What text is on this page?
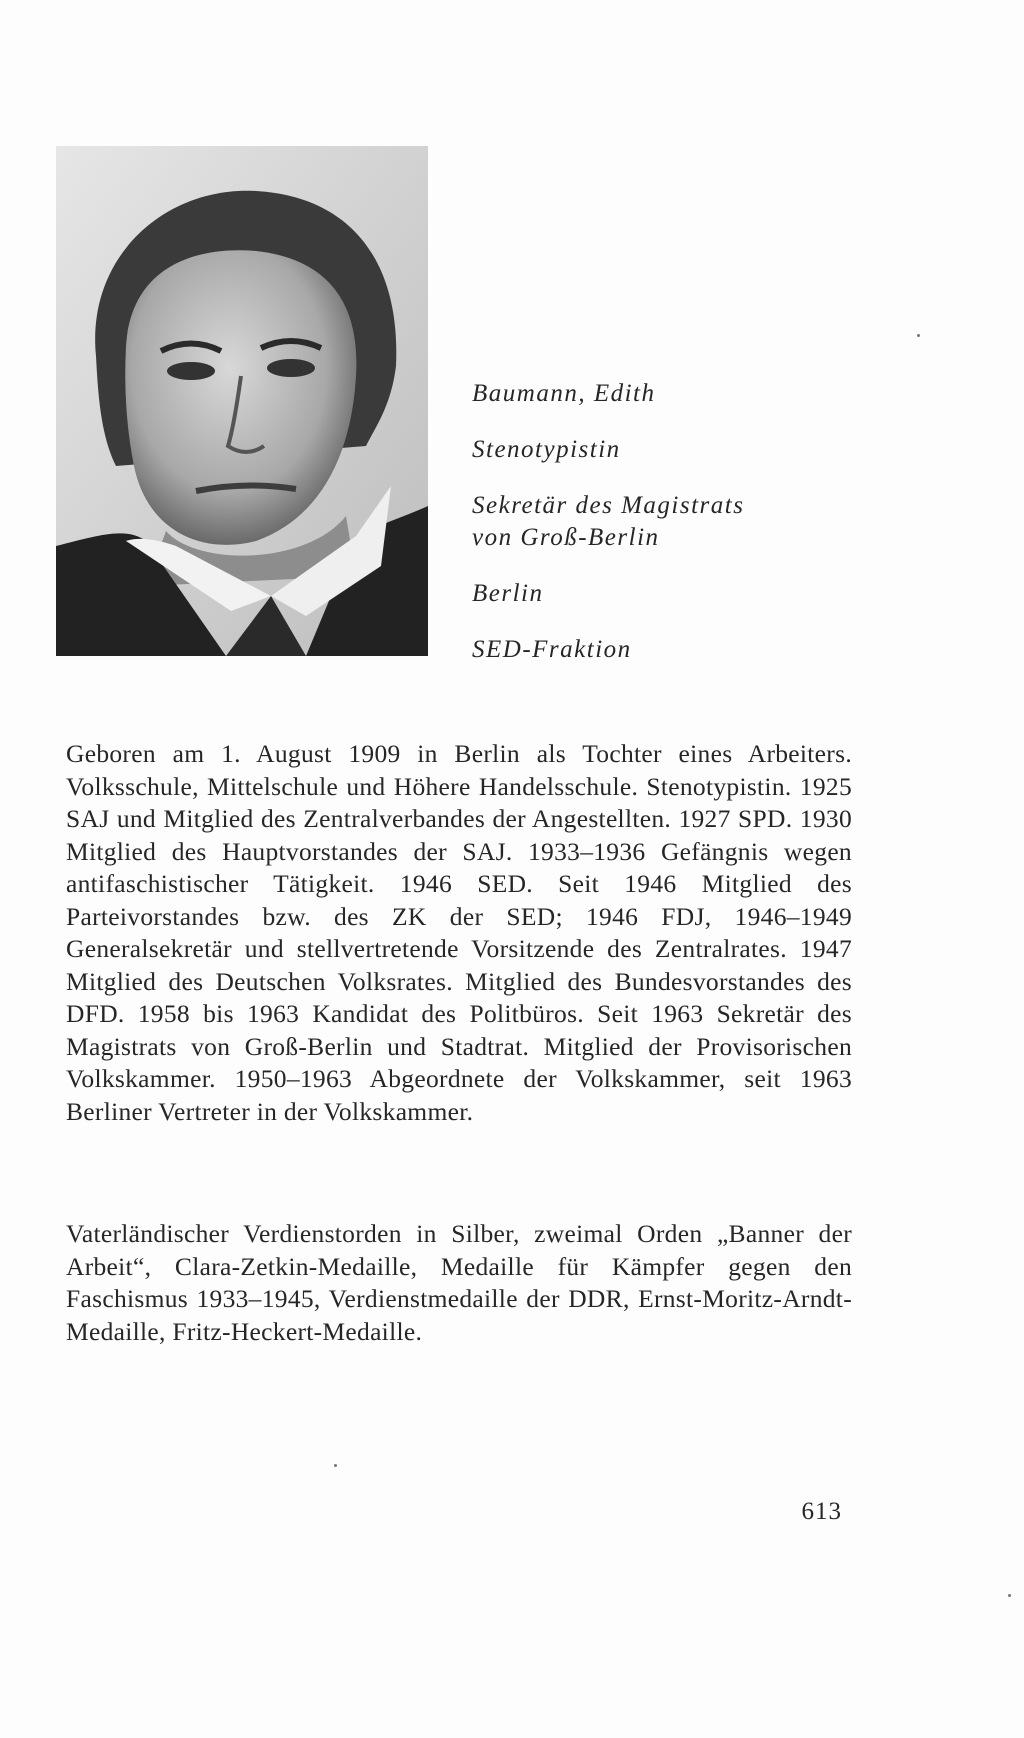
Baumann, Edith
Stenotypistin
Sekretär des Magistrats
von Groß-Berlin
Berlin
SED-Fraktion

Geboren am 1. August 1909 in Berlin als Tochter eines Arbeiters. Volksschule, Mittelschule und Höhere Handelsschule. Stenotypistin. 1925 SAJ und Mitglied des Zentralverbandes der Angestellten. 1927 SPD. 1930 Mitglied des Hauptvorstandes der SAJ. 1933–1936 Gefängnis wegen antifaschistischer Tätigkeit. 1946 SED. Seit 1946 Mitglied des Parteivorstandes bzw. des ZK der SED; 1946 FDJ, 1946–1949 Generalsekretär und stellvertretende Vorsitzende des Zentralrates. 1947 Mitglied des Deutschen Volksrates. Mitglied des Bundesvorstandes des DFD. 1958 bis 1963 Kandidat des Politbüros. Seit 1963 Sekretär des Magistrats von Groß-Berlin und Stadtrat. Mitglied der Provisorischen Volkskammer. 1950–1963 Abgeordnete der Volkskammer, seit 1963 Berliner Vertreter in der Volkskammer.

Vaterländischer Verdienstorden in Silber, zweimal Orden „Banner der Arbeit“, Clara-Zetkin-Medaille, Medaille für Kämpfer gegen den Faschismus 1933–1945, Verdienstmedaille der DDR, Ernst-Moritz-Arndt-Medaille, Fritz-Heckert-Medaille.

613
